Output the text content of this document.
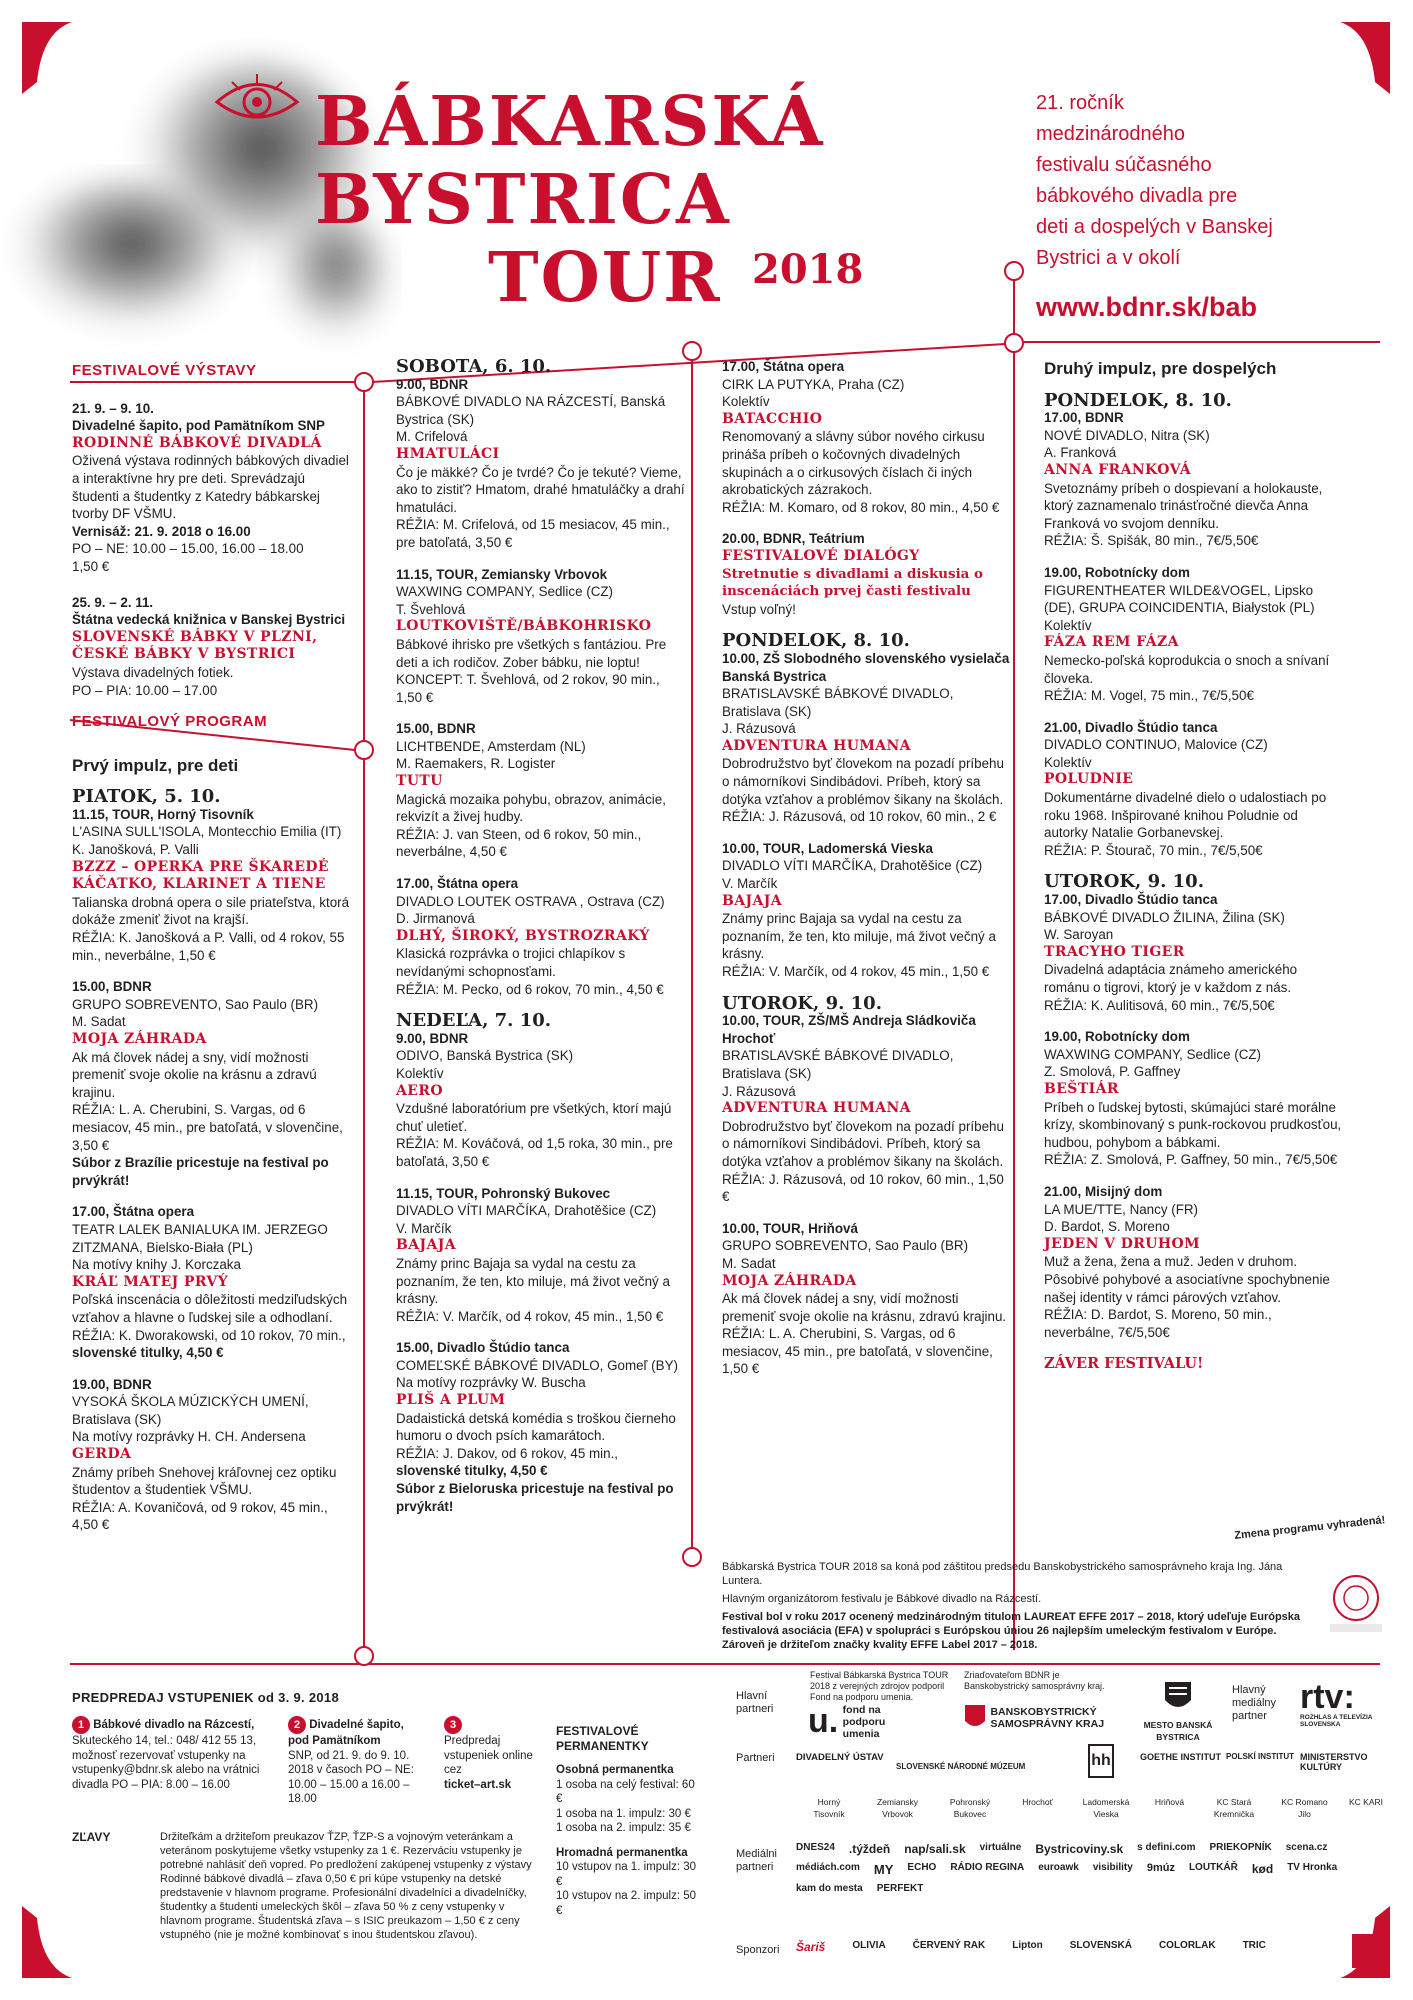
BÁBKARSKÁ
BYSTRICA
TOUR 2018
21. ročník
medzinárodného
festivalu súčasného
bábkového divadla pre
deti a dospelých v Banskej
Bystrici a v okolí
www.bdnr.sk/bab

FESTIVALOVÉ VÝSTAVY

21. 9. – 9. 10.

Divadelné šapito, pod Pamätníkom SNP

RODINNÉ BÁBKOVÉ DIVADLÁ

Oživená výstava rodinných bábkových divadiel a interaktívne hry pre deti. Sprevádzajú študenti a študentky z Katedry bábkarskej tvorby DF VŠMU.

Vernisáž: 21. 9. 2018 o 16.00

PO – NE: 10.00 – 15.00, 16.00 – 18.00

1,50 €

25. 9. – 2. 11.

Štátna vedecká knižnica v Banskej Bystrici

SLOVENSKÉ BÁBKY V PLZNI, ČESKÉ BÁBKY V BYSTRICI

Výstava divadelných fotiek.

PO – PIA: 10.00 – 17.00

FESTIVALOVÝ PROGRAM

Prvý impulz, pre deti

PIATOK, 5. 10.

11.15, TOUR, Horný Tisovník

L'ASINA SULL'ISOLA, Montecchio Emilia (IT)

K. Janošková, P. Valli

BZZZ – OPERKA PRE ŠKAREDÉ KÁČATKO, KLARINET A TIENE

Talianska drobná opera o sile priateľstva, ktorá dokáže zmeniť život na krajší.

RÉŽIA: K. Janošková a P. Valli, od 4 rokov, 55 min., neverbálne, 1,50 €

15.00, BDNR

GRUPO SOBREVENTO, Sao Paulo (BR)

M. Sadat

MOJA ZÁHRADA

Ak má človek nádej a sny, vidí možnosti premeniť svoje okolie na krásnu a zdravú krajinu.

RÉŽIA: L. A. Cherubini, S. Vargas, od 6 mesiacov, 45 min., pre batoľatá, v slovenčine, 3,50 €

Súbor z Brazílie pricestuje na festival po prvýkrát!

17.00, Štátna opera

TEATR LALEK BANIALUKA IM. JERZEGO ZITZMANA, Bielsko-Biała (PL)

Na motívy knihy J. Korczaka

KRÁĽ MATEJ PRVÝ

Poľská inscenácia o dôležitosti medziľudských vzťahov a hlavne o ľudskej sile a odhodlaní.

RÉŽIA: K. Dworakowski, od 10 rokov, 70 min.,

slovenské titulky, 4,50 €

19.00, BDNR

VYSOKÁ ŠKOLA MÚZICKÝCH UMENÍ, Bratislava (SK)

Na motívy rozprávky H. CH. Andersena

GERDA

Známy príbeh Snehovej kráľovnej cez optiku študentov a študentiek VŠMU.

RÉŽIA: A. Kovaničová, od 9 rokov, 45 min., 4,50 €

SOBOTA, 6. 10.

9.00, BDNR

BÁBKOVÉ DIVADLO NA RÁZCESTÍ, Banská Bystrica (SK)

M. Crifelová

HMATULÁCI

Čo je mäkké? Čo je tvrdé? Čo je tekuté? Vieme, ako to zistiť? Hmatom, drahé hmatuláčky a drahí hmatuláci.

RÉŽIA: M. Crifelová, od 15 mesiacov, 45 min., pre batoľatá, 3,50 €

11.15, TOUR, Zemiansky Vrbovok

WAXWING COMPANY, Sedlice (CZ)

T. Švehlová

LOUTKOVIŠTĚ/BÁBKOHRISKO

Bábkové ihrisko pre všetkých s fantáziou. Pre deti a ich rodičov. Zober bábku, nie loptu!

KONCEPT: T. Švehlová, od 2 rokov, 90 min., 1,50 €

15.00, BDNR

LICHTBENDE, Amsterdam (NL)

M. Raemakers, R. Logister

TUTU

Magická mozaika pohybu, obrazov, animácie, rekvizít a živej hudby.

RÉŽIA: J. van Steen, od 6 rokov, 50 min., neverbálne, 4,50 €

17.00, Štátna opera

DIVADLO LOUTEK OSTRAVA , Ostrava (CZ)

D. Jirmanová

DLHÝ, ŠIROKÝ, BYSTROZRAKÝ

Klasická rozprávka o trojici chlapíkov s nevídanými schopnosťami.

RÉŽIA: M. Pecko, od 6 rokov, 70 min., 4,50 €

NEDEĽA, 7. 10.

9.00, BDNR

ODIVO, Banská Bystrica (SK)

Kolektív

AERO

Vzdušné laboratórium pre všetkých, ktorí majú chuť uletieť.

RÉŽIA: M. Kováčová, od 1,5 roka, 30 min., pre batoľatá, 3,50 €

11.15, TOUR, Pohronský Bukovec

DIVADLO VÍTI MARČÍKA, Drahotěšice (CZ)

V. Marčík

BAJAJA

Známy princ Bajaja sa vydal na cestu za poznaním, že ten, kto miluje, má život večný a krásny.

RÉŽIA: V. Marčík, od 4 rokov, 45 min., 1,50 €

15.00, Divadlo Štúdio tanca

COMEĽSKÉ BÁBKOVÉ DIVADLO, Gomeľ (BY)

Na motívy rozprávky W. Buscha

PLIŠ A PLUM

Dadaistická detská komédia s troškou čierneho humoru o dvoch psích kamarátoch.

RÉŽIA: J. Dakov, od 6 rokov, 45 min.,

slovenské titulky, 4,50 €

Súbor z Bieloruska pricestuje na festival po prvýkrát!

17.00, Štátna opera

CIRK LA PUTYKA, Praha (CZ)

Kolektív

BATACCHIO

Renomovaný a slávny súbor nového cirkusu prináša príbeh o kočovných divadelných skupinách a o cirkusových číslach či iných akrobatických zázrakoch.

RÉŽIA: M. Komaro, od 8 rokov, 80 min., 4,50 €

20.00, BDNR, Teátrium

FESTIVALOVÉ DIALÓGY

Stretnutie s divadlami a diskusia o inscenáciách prvej časti festivalu

Vstup voľný!

PONDELOK, 8. 10.

10.00, ZŠ Slobodného slovenského vysielača Banská Bystrica

BRATISLAVSKÉ BÁBKOVÉ DIVADLO, Bratislava (SK)

J. Rázusová

ADVENTURA HUMANA

Dobrodružstvo byť človekom na pozadí príbehu o námorníkovi Sindibádovi. Príbeh, ktorý sa dotýka vzťahov a problémov šikany na školách.

RÉŽIA: J. Rázusová, od 10 rokov, 60 min., 2 €

10.00, TOUR, Ladomerská Vieska

DIVADLO VÍTI MARČÍKA, Drahotěšice (CZ)

V. Marčík

BAJAJA

Známy princ Bajaja sa vydal na cestu za poznaním, že ten, kto miluje, má život večný a krásny.

RÉŽIA: V. Marčík, od 4 rokov, 45 min., 1,50 €

UTOROK, 9. 10.

10.00, TOUR, ZŠ/MŠ Andreja Sládkoviča Hrochoť

BRATISLAVSKÉ BÁBKOVÉ DIVADLO, Bratislava (SK)

J. Rázusová

ADVENTURA HUMANA

Dobrodružstvo byť človekom na pozadí príbehu o námorníkovi Sindibádovi. Príbeh, ktorý sa dotýka vzťahov a problémov šikany na školách.

RÉŽIA: J. Rázusová, od 10 rokov, 60 min., 1,50 €

10.00, TOUR, Hriňová

GRUPO SOBREVENTO, Sao Paulo (BR)

M. Sadat

MOJA ZÁHRADA

Ak má človek nádej a sny, vidí možnosti premeniť svoje okolie na krásnu, zdravú krajinu.

RÉŽIA: L. A. Cherubini, S. Vargas, od 6 mesiacov, 45 min., pre batoľatá, v slovenčine, 1,50 €

Druhý impulz, pre dospelých

PONDELOK, 8. 10.

17.00, BDNR

NOVÉ DIVADLO, Nitra (SK)

A. Franková

ANNA FRANKOVÁ

Svetoznámy príbeh o dospievaní a holokauste, ktorý zaznamenalo trinásťročné dievča Anna Franková vo svojom denníku.

RÉŽIA: Š. Spišák, 80 min., 7€/5,50€

19.00, Robotnícky dom

FIGURENTHEATER WILDE&VOGEL, Lipsko (DE), GRUPA COINCIDENTIA, Białystok (PL)

Kolektív

FÁZA REM FÁZA

Nemecko-poľská koprodukcia o snoch a snívaní človeka.

RÉŽIA: M. Vogel, 75 min., 7€/5,50€

21.00, Divadlo Štúdio tanca

DIVADLO CONTINUO, Malovice (CZ)

Kolektív

POLUDNIE

Dokumentárne divadelné dielo o udalostiach po roku 1968. Inšpirované knihou Poludnie od autorky Natalie Gorbanevskej.

RÉŽIA: P. Štourač, 70 min., 7€/5,50€

UTOROK, 9. 10.

17.00, Divadlo Štúdio tanca

BÁBKOVÉ DIVADLO ŽILINA, Žilina (SK)

W. Saroyan

TRACYHO TIGER

Divadelná adaptácia známeho amerického románu o tigrovi, ktorý je v každom z nás.

RÉŽIA: K. Aulitisová, 60 min., 7€/5,50€

19.00, Robotnícky dom

WAXWING COMPANY, Sedlice (CZ)

Z. Smolová, P. Gaffney

BEŠTIÁR

Príbeh o ľudskej bytosti, skúmajúci staré morálne krízy, skombinovaný s punk-rockovou prudkosťou, hudbou, pohybom a bábkami.

RÉŽIA: Z. Smolová, P. Gaffney, 50 min., 7€/5,50€

21.00, Misijný dom

LA MUE/TTE, Nancy (FR)

D. Bardot, S. Moreno

JEDEN V DRUHOM

Muž a žena, žena a muž. Jeden v druhom. Pôsobivé pohybové a asociatívne spochybnenie našej identity v rámci párových vzťahov.

RÉŽIA: D. Bardot, S. Moreno, 50 min., neverbálne, 7€/5,50€

ZÁVER FESTIVALU!

Zmena programu vyhradená!

Bábkarská Bystrica TOUR 2018 sa koná pod záštitou predsedu Banskobystrického samosprávneho kraja Ing. Jána Luntera.

Hlavným organizátorom festivalu je Bábkové divadlo na Rázcestí.

Festival bol v roku 2017 ocenený medzinárodným titulom LAUREAT EFFE 2017 – 2018, ktorý udeľuje Európska festivalová asociácia (EFA) v spolupráci s Európskou úniou 26 najlepším umeleckým festivalom v Európe. Zároveň je držiteľom značky kvality EFFE Label 2017 – 2018.

PREDPREDAJ VSTUPENIEK od 3. 9. 2018

1 Bábkové divadlo na Rázcestí,

Skuteckého 14, tel.: 048/ 412 55 13, možnosť rezervovať vstupenky na vstupenky@bdnr.sk alebo na vrátnici divadla PO – PIA: 8.00 – 16.00

2 Divadelné šapito, pod Pamätníkom

SNP, od 21. 9. do 9. 10. 2018 v časoch PO – NE: 10.00 – 15.00 a 16.00 – 18.00

3

Predpredaj vstupeniek online cez

ticket–art.sk

FESTIVALOVÉ PERMANENTKY

Osobná permanentka

1 osoba na celý festival: 60 €

1 osoba na 1. impulz: 30 €

1 osoba na 2. impulz: 35 €

Hromadná permanentka

10 vstupov na 1. impulz: 30 €

10 vstupov na 2. impulz: 50 €

ZĽAVY	Držiteľkám a držiteľom preukazov ŤZP, ŤZP-S a vojnovým veteránkam a veteránom poskytujeme všetky vstupenky za 1 €. Rezerváciu vstupenky je potrebné nahlásiť deň vopred. Po predložení zakúpenej vstupenky z výstavy Rodinné bábkové divadlá – zľava 0,50 € pri kúpe vstupenky na detské predstavenie v hlavnom programe. Profesionální divadelníci a divadelníčky, študentky a študenti umeleckých škôl – zľava 50 % z ceny vstupenky v hlavnom programe. Študentská zľava – s ISIC preukazom – 1,50 € z ceny vstupného (nie je možné kombinovať s inou študentskou zľavou).
Hlavní partneri
Festival Bábkarská Bystrica TOUR 2018 z verejných zdrojov podporil Fond na podporu umenia.
u. fond na podporu umenia
Zriaďovateľom BDNR je Banskobystrický samosprávny kraj.
BANSKOBYSTRICKÝ SAMOSPRÁVNY KRAJ	MESTO BANSKÁ BYSTRICA
Hlavný mediálny partner rtv:
ROZHLAS A TELEVÍZIA SLOVENSKA
Partneri DIVADELNÝ ÚSTAV
SLOVENSKÉ NÁRODNÉ MÚZEUM	hh	GOETHE INSTITUT POLSKÍ INSTITUT MINISTERSTVO KULTÚRY
Horný Tisovník
Zemiansky Vrbovok
Pohronský Bukovec
Hrochoť	Ladomerská Vieska
Hriňová	KC Stará Kremnička
KC Romano Jilo
KC KARI
Mediálni partneri
DNES24 .týždeň nap/sali.sk virtuálne Bystricoviny.sk s defini.com PRIEKOPNÍK scena.cz
médiách.com MY ECHO RÁDIO REGINA euroawk visibility 9múz LOUTKÁŘ kød TV Hronka
kam do mesta PERFEKT
Sponzori Šariš	OLIVIA	ČERVENÝ RAK	Lipton	SLOVENSKÁ	COLORLAK	TRIC
